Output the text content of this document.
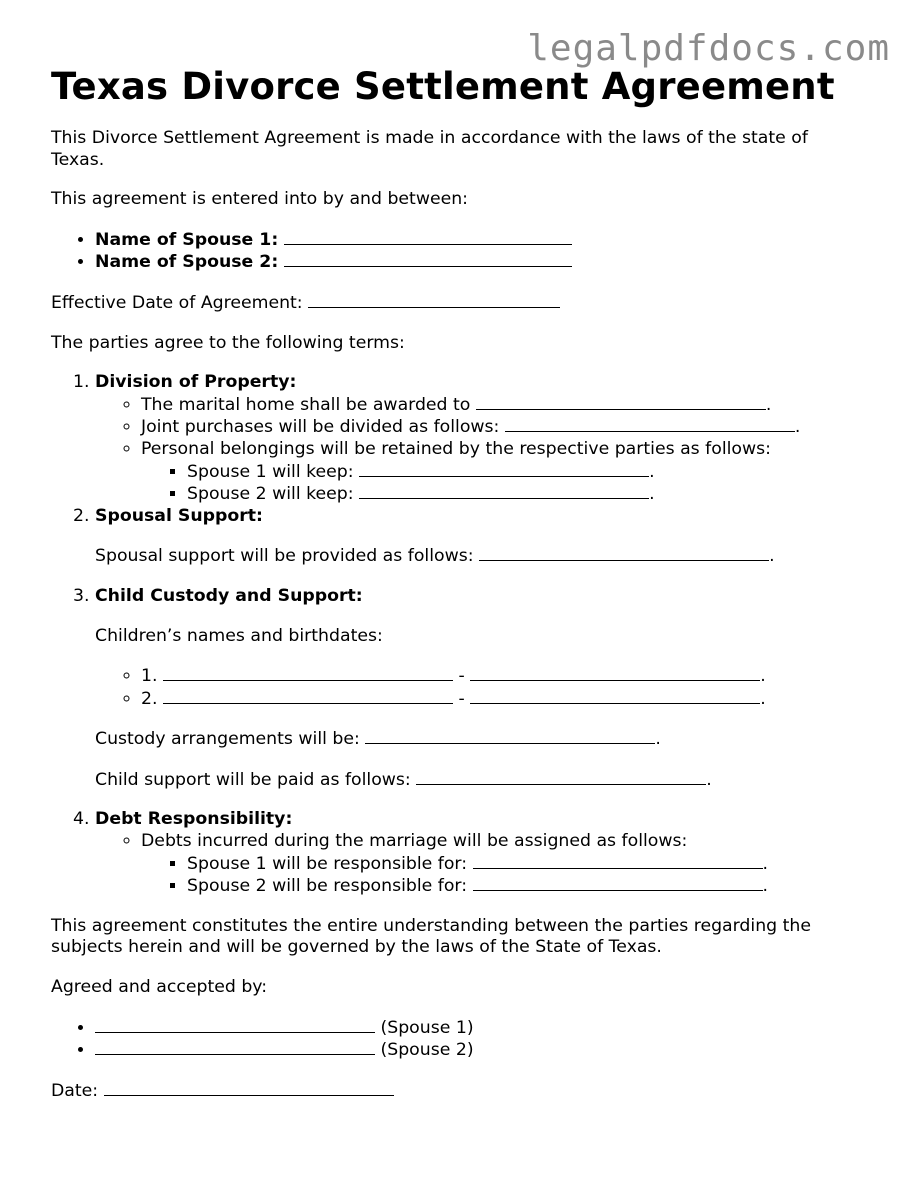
legalpdfdocs.com
Texas Divorce Settlement Agreement

This Divorce Settlement Agreement is made in accordance with the laws of the state of Texas.

This agreement is entered into by and between:

• Name of Spouse 1:
• Name of Spouse 2:

Effective Date of Agreement:

The parties agree to the following terms:

1. Division of Property:
◦ The marital home shall be awarded to	.
◦ Joint purchases will be divided as follows:	.
◦ Personal belongings will be retained by the respective parties as follows:
▪ Spouse 1 will keep:	.
▪ Spouse 2 will keep:	.
2. Spousal Support:

Spousal support will be provided as follows:	.

3. Child Custody and Support:

Children’s names and birthdates:

◦ 1.	-	.
◦ 2.	-	.

Custody arrangements will be:	.

Child support will be paid as follows:	.

4. Debt Responsibility:
◦ Debts incurred during the marriage will be assigned as follows:
▪ Spouse 1 will be responsible for:	.
▪ Spouse 2 will be responsible for:	.

This agreement constitutes the entire understanding between the parties regarding the subjects herein and will be governed by the laws of the State of Texas.

Agreed and accepted by:

• (Spouse 1)
• (Spouse 2)

Date:
